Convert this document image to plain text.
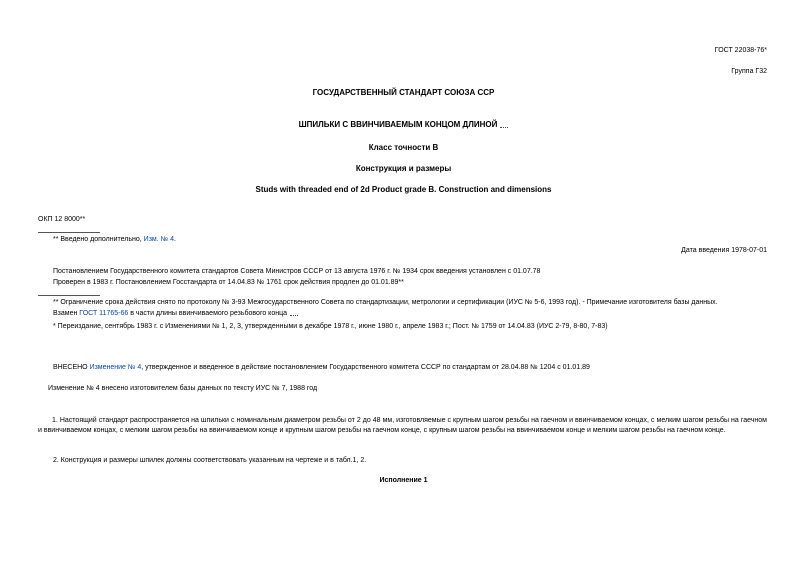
ГОСТ 22038-76*
Группа Г32
ГОСУДАРСТВЕННЫЙ СТАНДАРТ СОЮЗА ССР
ШПИЛЬКИ С ВВИНЧИВАЕМЫМ КОНЦОМ ДЛИНОЙ
Класс точности В
Конструкция и размеры
Studs with threaded end of 2d Product grade B. Construction and dimensions
ОКП 12 8000**
** Введено дополнительно, Изм. № 4.
Дата введения 1978-07-01
Постановлением Государственного комитета стандартов Совета Министров СССР от 13 августа 1976 г. № 1934 срок введения установлен с 01.07.78
Проверен в 1983 г. Постановлением Госстандарта от 14.04.83 № 1761 срок действия продлен до 01.01.89**
** Ограничение срока действия снято по протоколу № 3-93 Межгосударственного Совета по стандартизации, метрологии и сертификации (ИУС № 5-6, 1993 год). - Примечание изготовителя базы данных.
Взамен ГОСТ 11765-66 в части длины ввинчиваемого резьбового конца
* Переиздание, сентябрь 1983 г. с Изменениями № 1, 2, 3, утвержденными в декабре 1978 г., июне 1980 г., апреле 1983 г.; Пост. № 1759 от 14.04.83 (ИУС 2-79, 8-80, 7-83)
ВНЕСЕНО Изменение № 4, утвержденное и введенное в действие постановлением Государственного комитета СССР по стандартам от 28.04.88 № 1204 с 01.01.89
Изменение № 4 внесено изготовителем базы данных по тексту ИУС № 7, 1988 год
1. Настоящий стандарт распространяется на шпильки с номинальным диаметром резьбы от 2 до 48 мм, изготовляемые с крупным шагом резьбы на гаечном и ввинчиваемом концах, с мелким шагом резьбы на гаечном и ввинчиваемом концах, с мелким шагом резьбы на ввинчиваемом конце и крупным шагом резьбы на гаечном конце, с крупным шагом резьбы на ввинчиваемом конце и мелким шагом резьбы на гаечном конце.
2. Конструкция и размеры шпилек должны соответствовать указанным на чертеже и в табл.1, 2.
Исполнение 1
